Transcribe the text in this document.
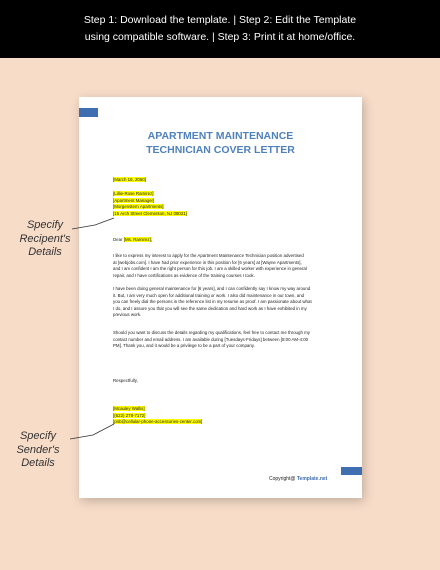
Step 1: Download the template. | Step 2: Edit the Template
using compatible software. | Step 3: Print it at home/office.
APARTMENT MAINTENANCE
TECHNICIAN COVER LETTER
[March 16, 2050]
[Lillie-Rose Ramirez]
[Apartment Manager]
[Morgenstern Apartments]
[15 Arch Street Clementon, NJ 08021]
Dear [Ms. Ramirez],
I like to express my interest to apply for the Apartment Maintenance Technician position advertised
at [webjobs.com]. I have had prior experience in this position for [6 years] at [Wayne Apartments],
and I am confident I am the right person for this job. I am a skilled worker with experience in general
repair, and I have certifications as evidence of the training courses I took.
I have been doing general maintenance for [6 years], and I can confidently say I know my way around
it. But, I am very much open for additional training or work. I also did maintenance in our town, and
you can freely dial the persons in the reference list in my resume as proof. I am passionate about what
I do, and I assure you that you will see the same dedication and hard work as I have exhibited in my
previous work.
Should you want to discuss the details regarding my qualifications, feel free to contact me through my
contact number and email address. I am available during [Tuesdays-Fridays] between [8:00 AM-4:00
PM]. Thank you, and it would be a privilege to be a part of your company.
Respectfully,
[Mcauley Wallis]
[(622) 278-7172]
[pnb@cellular-phone-accessories-center.com]
Copyright@ Template.net
Specify
Recipent's
Details
Specify
Sender's
Details
